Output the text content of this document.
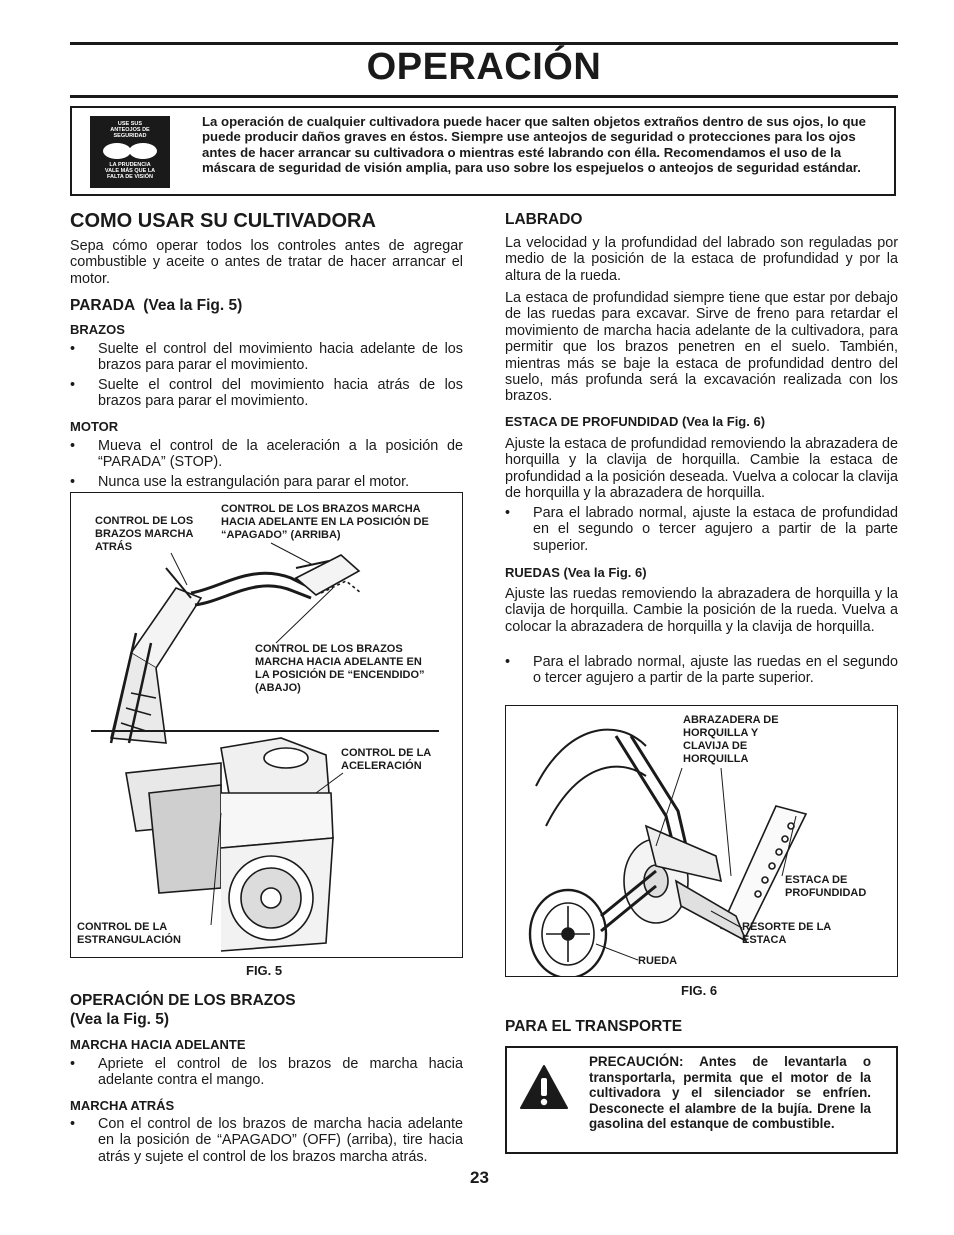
OPERACIÓN
USE SUS
ANTEOJOS DE
SEGURIDAD
LA PRUDENCIA
VALE MÁS QUE LA
FALTA DE VISIÓN
La operación de cualquier cultivadora puede hacer que salten objetos extraños dentro de sus ojos, lo que puede producir daños graves en éstos. Siempre use anteojos de seguridad o protecciones para los ojos antes de hacer arrancar su cultivadora o mientras esté labrando con élla. Recomendamos el uso de la máscara de seguridad de visión amplia, para uso sobre los espejuelos o anteojos de seguridad estándar.
COMO USAR SU CULTIVADORA
Sepa cómo operar todos los controles antes de agregar combustible y aceite o antes de tratar de hacer arrancar el motor.
PARADA  (Vea la Fig. 5)
BRAZOS
• Suelte el control del movimiento hacia adelante de los brazos para parar el movimiento.
• Suelte el control del movimiento hacia atrás de los brazos para parar el movimiento.
MOTOR
• Mueva el control de la aceleración a la posición de “PARADA” (STOP).
• Nunca use la estrangulación para parar el motor.
CONTROL DE LOS BRAZOS MARCHA ATRÁS
CONTROL DE LOS BRAZOS MARCHA HACIA ADELANTE EN LA POSICIÓN DE “APAGADO” (ARRIBA)
CONTROL DE LOS BRAZOS MARCHA HACIA ADELANTE EN LA POSICIÓN DE “ENCENDIDO” (ABAJO)
CONTROL DE LA ACELERACIÓN
CONTROL DE LA ESTRANGULACIÓN
FIG. 5
OPERACIÓN DE LOS BRAZOS
(Vea la Fig. 5)
MARCHA HACIA ADELANTE
• Apriete el control de los brazos de marcha hacia adelante contra el mango.
MARCHA ATRÁS
• Con el control de los brazos de marcha hacia adelante en la posición de “APAGADO” (OFF) (arriba), tire hacia atrás y sujete el control de los brazos marcha atrás.
LABRADO
La velocidad y la profundidad del labrado son reguladas por medio de la posición de la estaca de profundidad y por la altura de la rueda.
La estaca de profundidad siempre tiene que estar por debajo de las ruedas para excavar. Sirve de freno para retardar el movimiento de marcha hacia adelante de la cultivadora, para permitir que los brazos penetren en el suelo. También, mientras más se baje la estaca de profundidad dentro del suelo, más profunda será la excavación realizada con los brazos.
ESTACA DE PROFUNDIDAD (Vea la Fig. 6)
Ajuste la estaca de profundidad removiendo la abrazadera de horquilla y la clavija de horquilla. Cambie la estaca de profundidad a la posición deseada. Vuelva a colocar la clavija de horquilla y la abrazadera de horquilla.
• Para el labrado normal, ajuste la estaca de profundidad en el segundo o tercer agujero a partir de la parte superior.
RUEDAS (Vea la Fig. 6)
Ajuste las ruedas removiendo la abrazadera de horquilla y la clavija de horquilla. Cambie la posición de la rueda. Vuelva a colocar la abrazadera de horquilla y la clavija de horquilla.
• Para el labrado normal, ajuste las ruedas en el segundo o tercer agujero a partir de la parte superior.
ABRAZADERA DE HORQUILLA Y CLAVIJA DE HORQUILLA
ESTACA DE PROFUNDIDAD
RESORTE DE LA ESTACA
RUEDA
FIG. 6
PARA EL TRANSPORTE
PRECAUCIÓN: Antes de levantarla o transportarla, permita que el motor de la cultivadora y el silenciador se enfríen. Desconecte el alambre de la bujía. Drene la gasolina del estanque de combustible.
23
